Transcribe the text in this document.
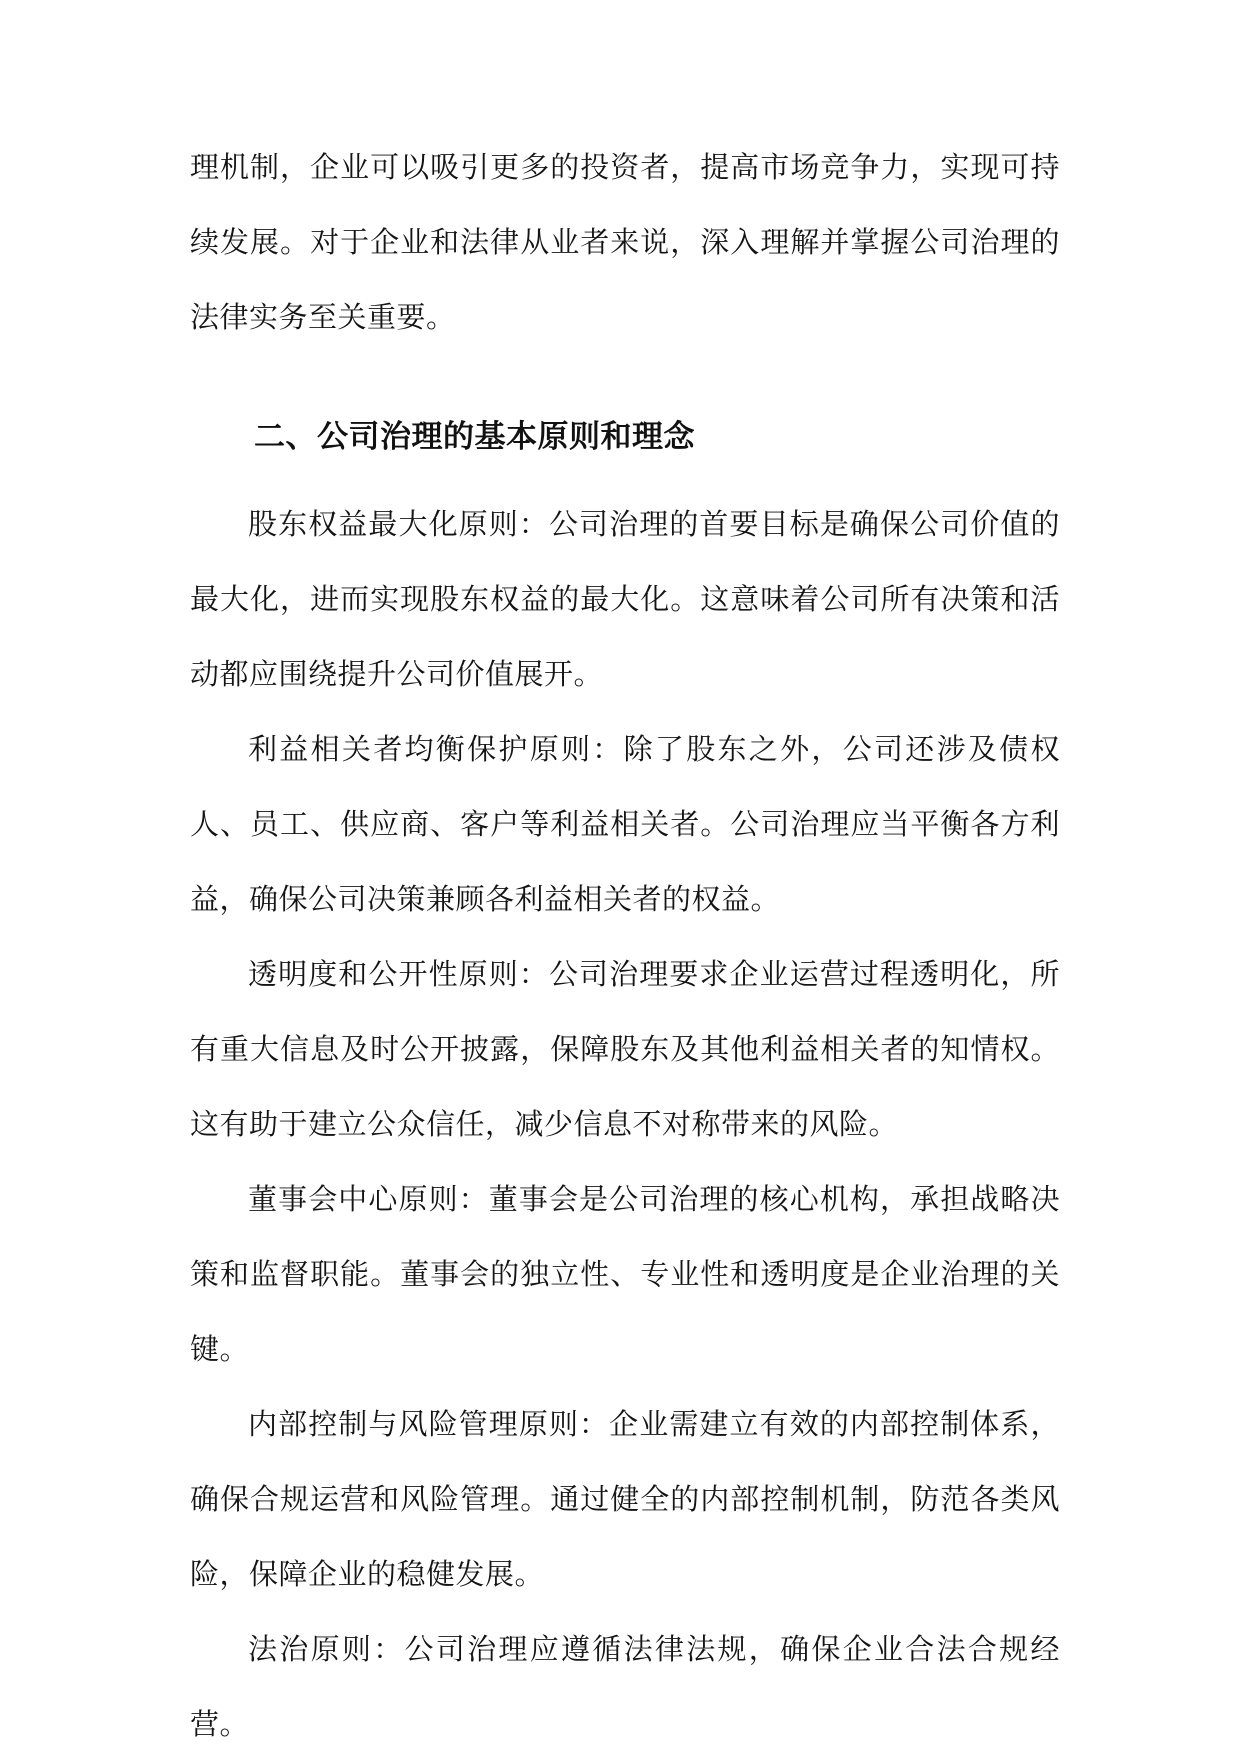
理机制，企业可以吸引更多的投资者，提高市场竞争力，实现可持续发展。对于企业和法律从业者来说，深入理解并掌握公司治理的法律实务至关重要。

二、公司治理的基本原则和理念

股东权益最大化原则：公司治理的首要目标是确保公司价值的最大化，进而实现股东权益的最大化。这意味着公司所有决策和活动都应围绕提升公司价值展开。

利益相关者均衡保护原则：除了股东之外，公司还涉及债权人、员工、供应商、客户等利益相关者。公司治理应当平衡各方利益，确保公司决策兼顾各利益相关者的权益。

透明度和公开性原则：公司治理要求企业运营过程透明化，所有重大信息及时公开披露，保障股东及其他利益相关者的知情权。这有助于建立公众信任，减少信息不对称带来的风险。

董事会中心原则：董事会是公司治理的核心机构，承担战略决策和监督职能。董事会的独立性、专业性和透明度是企业治理的关键。

内部控制与风险管理原则：企业需建立有效的内部控制体系，确保合规运营和风险管理。通过健全的内部控制机制，防范各类风险，保障企业的稳健发展。

法治原则：公司治理应遵循法律法规，确保企业合法合规经营。
